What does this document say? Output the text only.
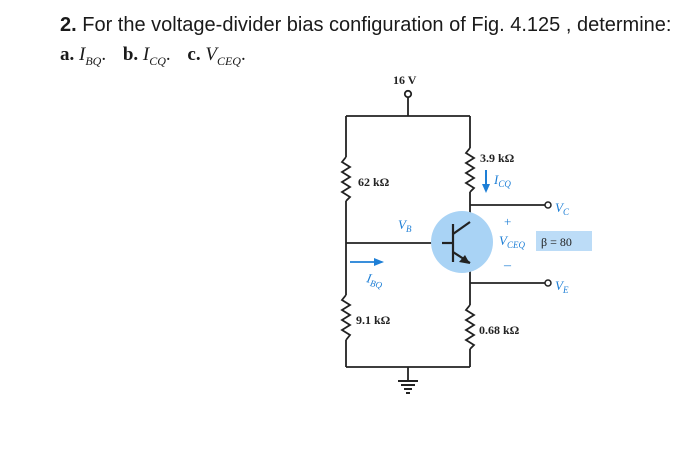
2. For the voltage-divider bias configuration of Fig. 4.125 , determine:
a. $I_{BQ}$. b. $I_{CQ}$. c. $V_{CEQ}$.
β = 80
16 V
62 kΩ
9.1 kΩ
3.9 kΩ
0.68 kΩ
$I_{CQ}$
$V_C$
$V_E$
$V_B$
$I_{BQ}$
+
$V_{CEQ}$
–
